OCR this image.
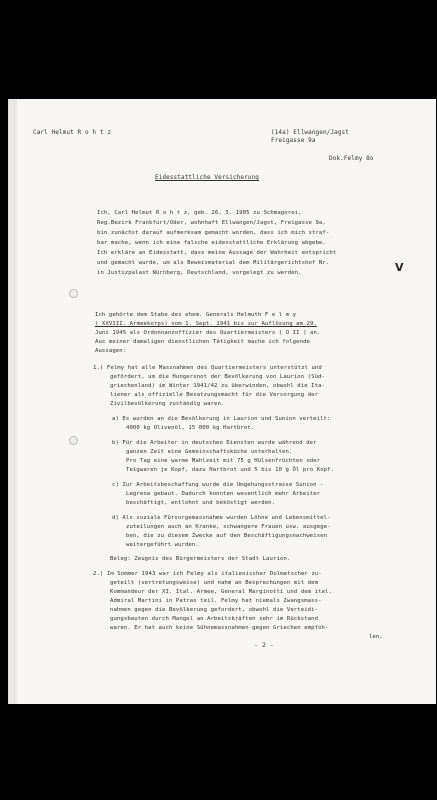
Carl Helmut R o h t z	(14a) Ellwangen/Jagst
Freigasse 9a
Dok.Felmy 8o
Eidesstattliche Versicherung
Ich, Carl Helmut R o h t z, geb. 26. 3. 1905 zu Schmagorei,
Reg.Bezirk Frankfurt/Oder, wohnhaft Ellwangen/Jagst, Freigasse 9a,
bin zunächst darauf aufmerksam gemacht worden, dass ich mich straf-
bar mache, wenn ich eine falsche eidesstattliche Erklärung abgebe.
Ich erkläre an Eidesstatt, dass meine Aussage der Wahrheit entspricht
und gemacht wurde, um als Beweismaterial dem Militärgerichtshof Nr.
in Justizpalast Nürnberg, Deutschland, vorgelegt zu werden.	V
Ich gehörte dem Stabe des ehem. Generals Helmuth F e l m y
( XXVIII. Armeekorps) vom 1. Sept. 1941 bis zur Auflösung am 29.
Juni 1945 als Ordonnanzoffizier des Quartiermeisters ( O II ) an.
Aus meiner damaligen dienstlichen Tätigkeit mache ich folgende
Aussagen:
1.) Felmy hat alle Massnahmen des Quartiermeisters unterstützt und
gefördert, um die Hungersnot der Bevölkerung von Laurion (Süd-
griechenland) im Winter 1941/42 zu überwinden, obwohl die Ita-
liener als offizielle Besatzungsmacht für die Versorgung der
Zivilbevölkerung zuständig waren.
a) Es wurden an die Bevölkerung in Laurion und Sunion verteilt:
4000 kg Olivenöl, 15 000 kg Hartbrot.
b) Für die Arbeiter in deutschen Diensten wurde während der
ganzen Zeit eine Gemeinschaftsküche unterhalten.
Pro Tag eine warme Mahlzeit mit 75 g Hülsenfrüchten oder
Teigwaren je Kopf, dazu Hartbrot und 5 bis 10 g Öl pro Kopf.
c) Zur Arbeitsbeschaffung wurde die Umgehungsstrasse Sunion -
Legrena gebaut. Dadurch konnten wesentlich mehr Arbeiter
beschäftigt, entlohnt und beköstigt werden.
d) Als soziale Fürsorgemassnahme wurden Löhne und Lebensmittel-
zuteilungen auch an Kranke, schwangere Frauen usw. ausgege-
ben, die zu diesem Zwecke auf den Beschäftigungsnachweisen
weitergeführt wurden.
Beleg: Zeugnis des Bürgermeisters der Stadt Laurion.
2.) Im Sommer 1943 war ich Felmy als italienischer Dolmetscher zu-
geteilt (vertretungsweise) und nahm an Besprechungen mit dem
Kommandeur der XI. Ital. Armee, General Marginotti und dem ital.
Admiral Martini in Patras teil. Felmy hat niemals Zwangsmass-
nahmen gegen die Bevölkerung gefordert, obwohl die Verteidi-
gungsbauten durch Mangel an Arbeitskräften sehr im Rückstand
waren. Er hat auch keine Sühnemassnahmen gegen Griechen empfoh-
len,
- 2 -
